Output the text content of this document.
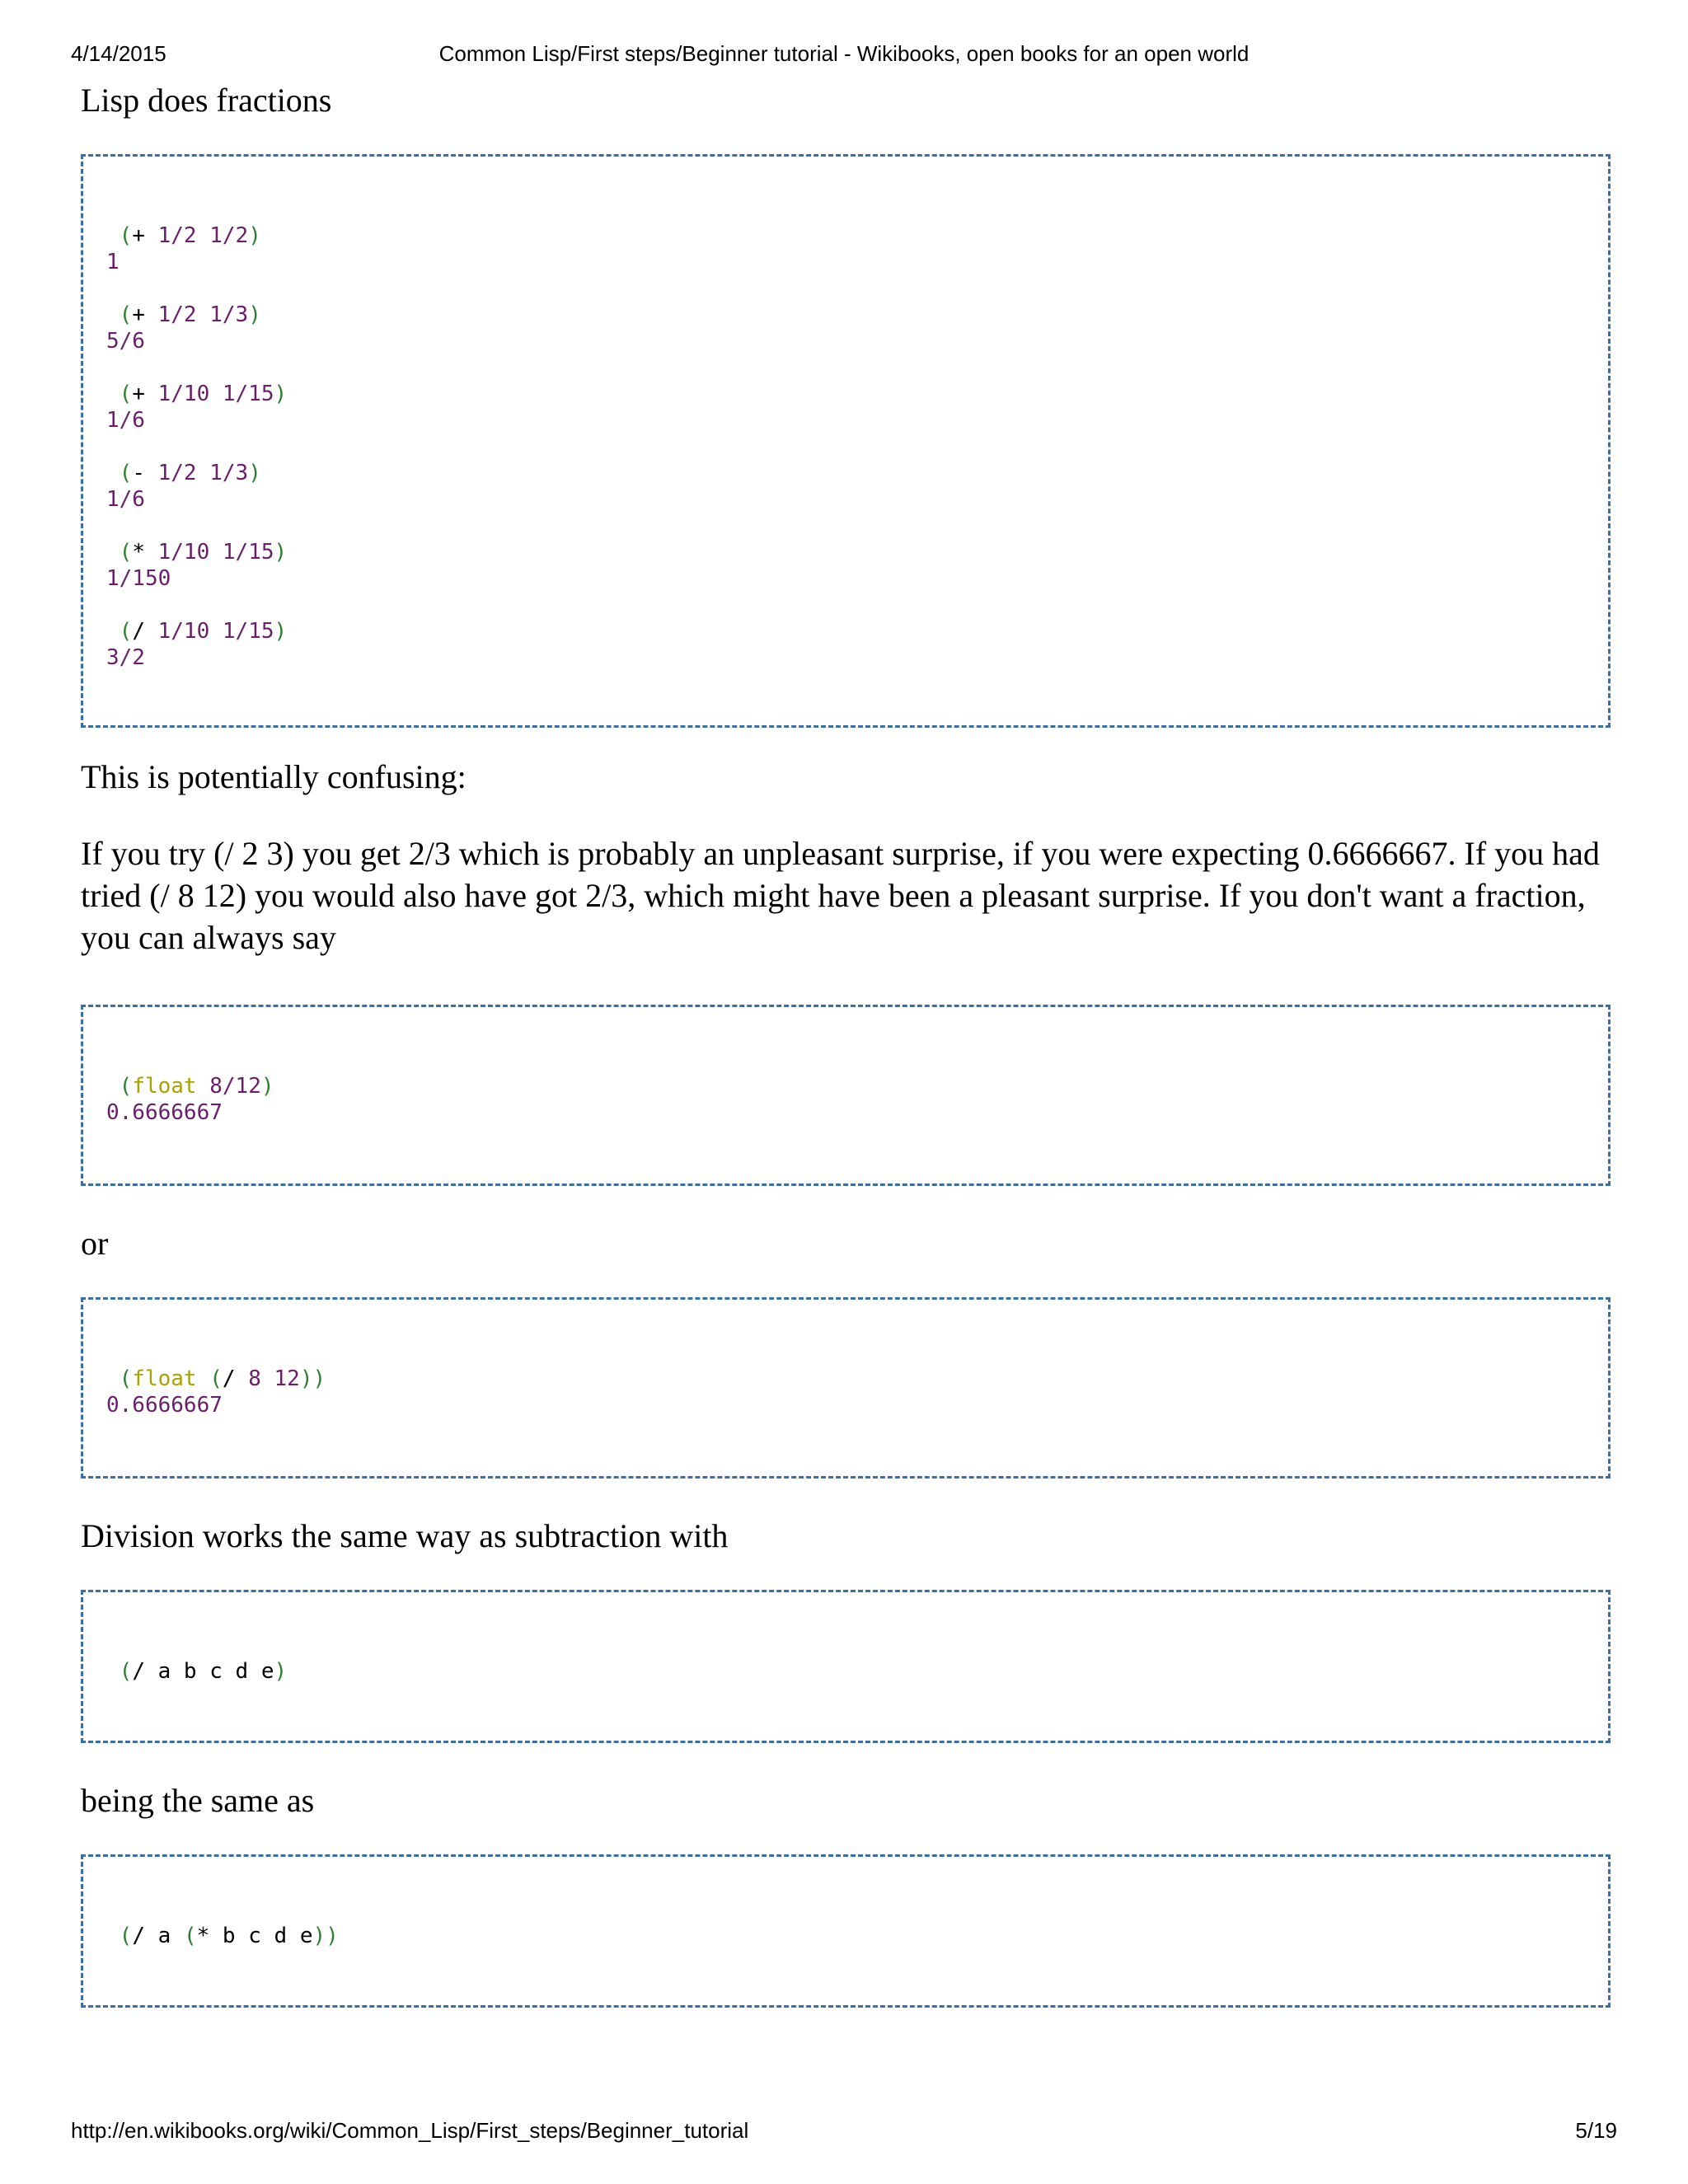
4/14/2015	Common Lisp/First steps/Beginner tutorial - Wikibooks, open books for an open world

Lisp does fractions

(+ 1/2 1/2)
1
(+ 1/2 1/3)
5/6
(+ 1/10 1/15)
1/6
(- 1/2 1/3)
1/6
(* 1/10 1/15)
1/150
(/ 1/10 1/15)
3/2

This is potentially confusing:

If you try (/ 2 3) you get 2/3 which is probably an unpleasant surprise, if you were expecting 0.6666667. If you had tried (/ 8 12) you would also have got 2/3, which might have been a pleasant surprise. If you don't want a fraction, you can always say

(float 8/12)
0.6666667

or

(float (/ 8 12))
0.6666667

Division works the same way as subtraction with

(/ a b c d e)

being the same as

(/ a (* b c d e))
http://en.wikibooks.org/wiki/Common_Lisp/First_steps/Beginner_tutorial	5/19
